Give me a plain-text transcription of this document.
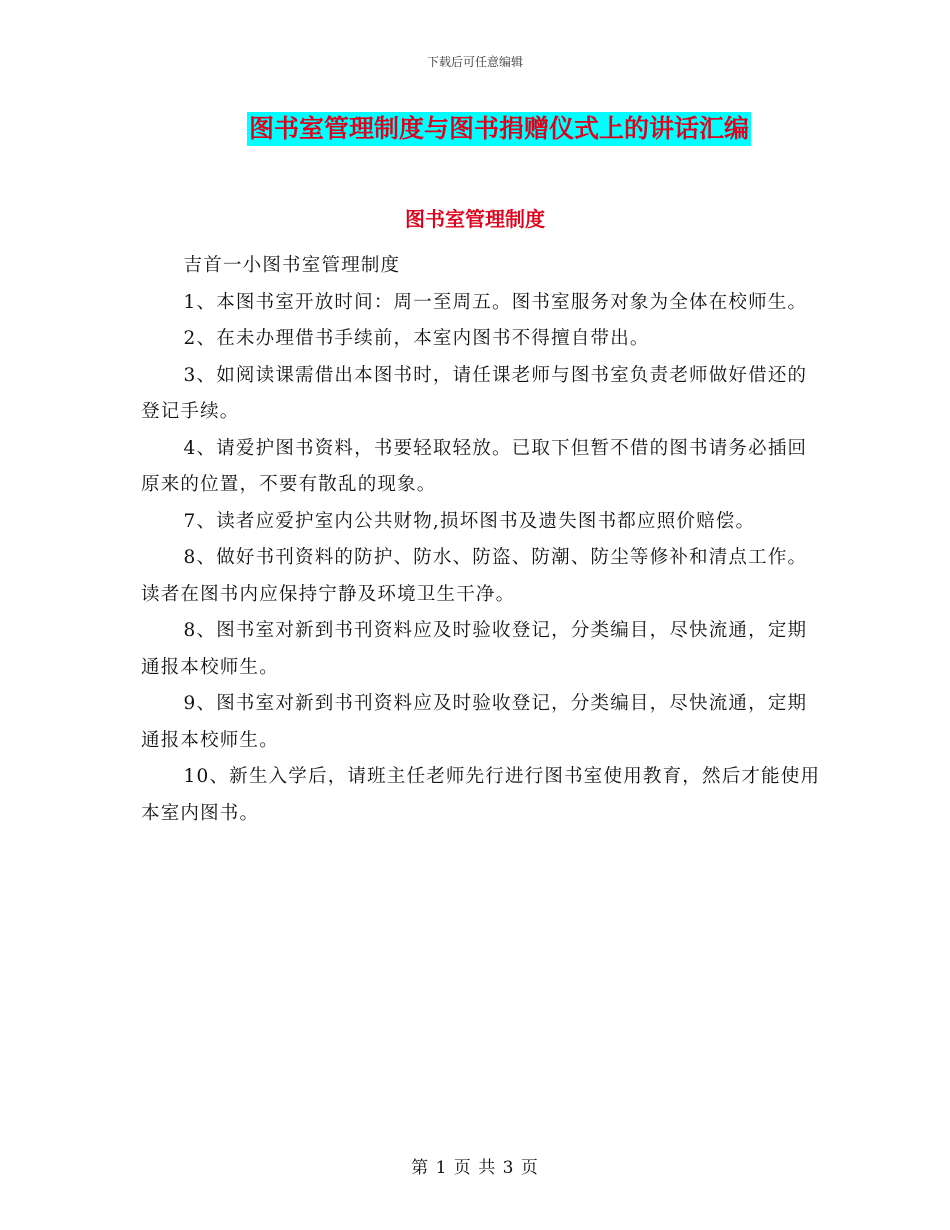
下载后可任意编辑
图书室管理制度与图书捐赠仪式上的讲话汇编
图书室管理制度

吉首一小图书室管理制度

1、本图书室开放时间：周一至周五。图书室服务对象为全体在校师生。

2、在未办理借书手续前，本室内图书不得擅自带出。

3、如阅读课需借出本图书时，请任课老师与图书室负责老师做好借还的登记手续。

4、请爱护图书资料，书要轻取轻放。已取下但暂不借的图书请务必插回原来的位置，不要有散乱的现象。

7、读者应爱护室内公共财物,损坏图书及遗失图书都应照价赔偿。

8、做好书刊资料的防护、防水、防盗、防潮、防尘等修补和清点工作。读者在图书内应保持宁静及环境卫生干净。

8、图书室对新到书刊资料应及时验收登记，分类编目，尽快流通，定期通报本校师生。

9、图书室对新到书刊资料应及时验收登记，分类编目，尽快流通，定期通报本校师生。

10、新生入学后，请班主任老师先行进行图书室使用教育，然后才能使用本室内图书。

第 1 页 共 3 页
